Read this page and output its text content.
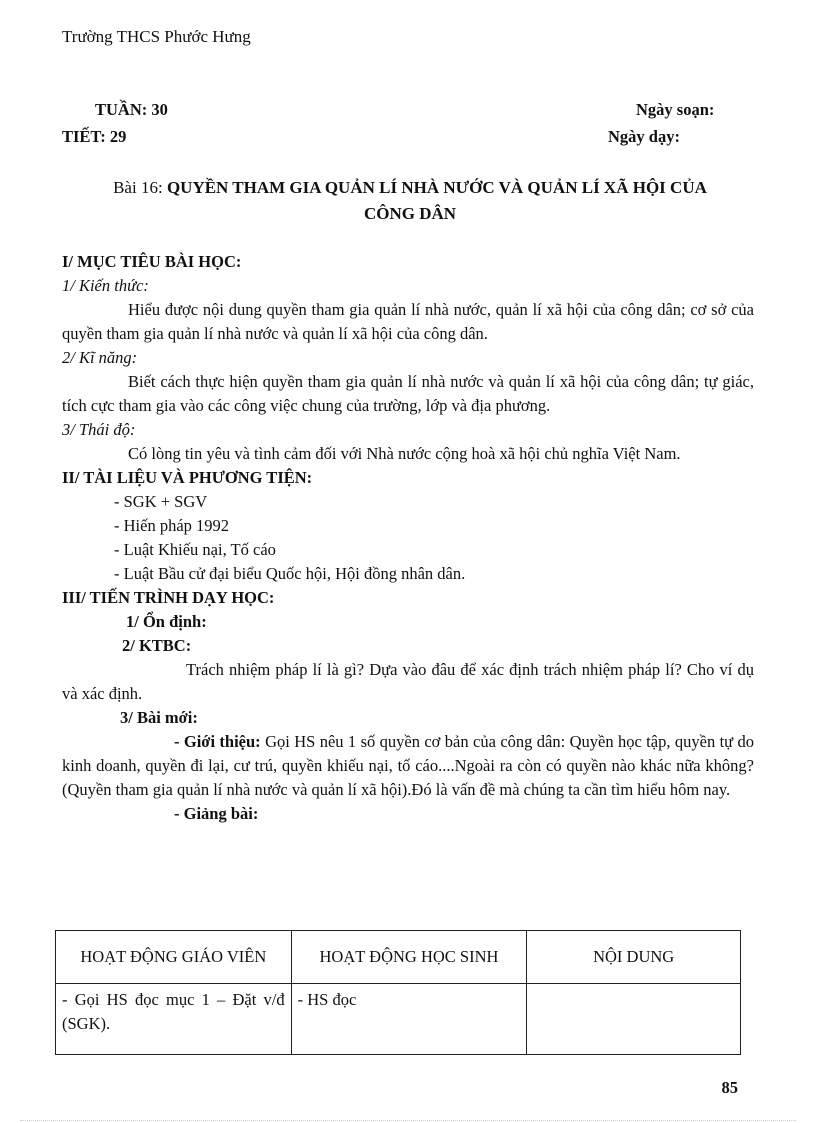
Trường THCS Phước Hưng
TUẦN: 30
TIẾT: 29
Ngày soạn:
Ngày dạy:
Bài 16: QUYỀN THAM GIA QUẢN LÍ NHÀ NƯỚC VÀ QUẢN LÍ XÃ HỘI CỦA
CÔNG DÂN

I/ MỤC TIÊU BÀI HỌC:

1/ Kiến thức:

Hiểu được nội dung quyền tham gia quản lí nhà nước, quản lí xã hội của công dân; cơ sở của quyền tham gia quản lí nhà nước và quản lí xã hội của công dân.

2/ Kĩ năng:

Biết cách thực hiện quyền tham gia quản lí nhà nước và quản lí xã hội của công dân; tự giác, tích cực tham gia vào các công việc chung của trường, lớp và địa phương.

3/ Thái độ:

Có lòng tin yêu và tình cảm đối với Nhà nước cộng hoà xã hội chủ nghĩa Việt Nam.

II/ TÀI LIỆU VÀ PHƯƠNG TIỆN:

- SGK + SGV

- Hiến pháp 1992

- Luật Khiếu nại, Tố cáo

- Luật Bầu cử đại biểu Quốc hội, Hội đồng nhân dân.

III/ TIẾN TRÌNH DẠY HỌC:

1/ Ổn định:

2/ KTBC:

Trách nhiệm pháp lí là gì? Dựa vào đâu để xác định trách nhiệm pháp lí? Cho ví dụ và xác định.

3/ Bài mới:

- Giới thiệu: Gọi HS nêu 1 số quyền cơ bản của công dân: Quyền học tập, quyền tự do kinh doanh, quyền đi lại, cư trú, quyền khiếu nại, tố cáo....Ngoài ra còn có quyền nào khác nữa không?(Quyền tham gia quản lí nhà nước và quản lí xã hội).Đó là vấn đề mà chúng ta cần tìm hiểu hôm nay.

- Giảng bài:

HOẠT ĐỘNG GIÁO VIÊN	HOẠT ĐỘNG HỌC SINH	NỘI DUNG
- Gọi HS đọc mục 1 – Đặt v/đ (SGK).	- HS đọc	
85
